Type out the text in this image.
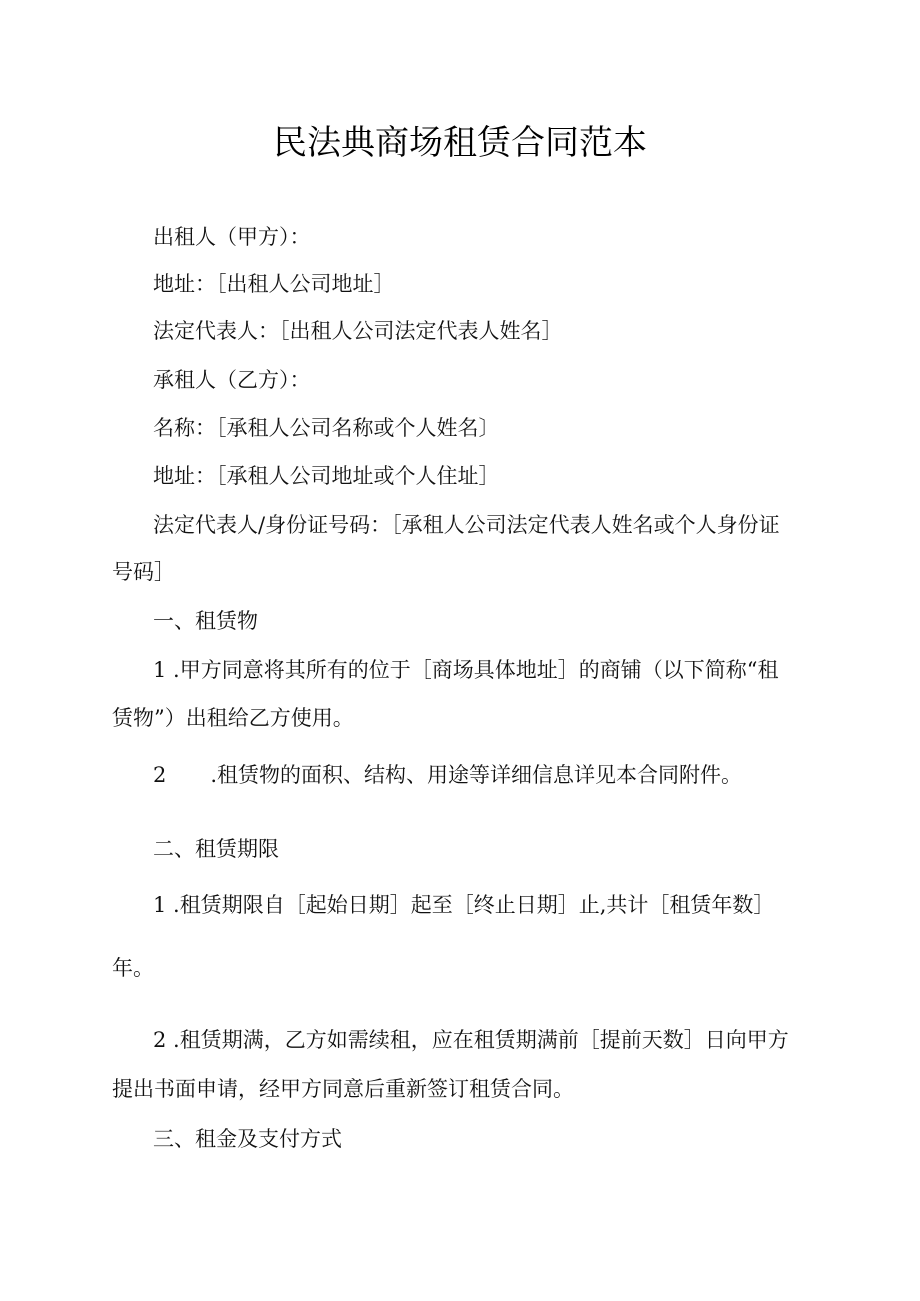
民法典商场租赁合同范本
出租人（甲方）：
地址：［出租人公司地址］
法定代表人：［出租人公司法定代表人姓名］
承租人（乙方）：
名称：［承租人公司名称或个人姓名〕
地址：［承租人公司地址或个人住址］
法定代表人/身份证号码：［承租人公司法定代表人姓名或个人身份证
号码］
一、租赁物
1 .甲方同意将其所有的位于［商场具体地址］的商铺（以下简称“租
赁物”）出租给乙方使用。
2 .租赁物的面积、结构、用途等详细信息详见本合同附件。
二、租赁期限
1 .租赁期限自［起始日期］起至［终止日期］止,共计［租赁年数］
年。
2 .租赁期满，乙方如需续租，应在租赁期满前［提前天数］日向甲方
提出书面申请，经甲方同意后重新签订租赁合同。
三、租金及支付方式
